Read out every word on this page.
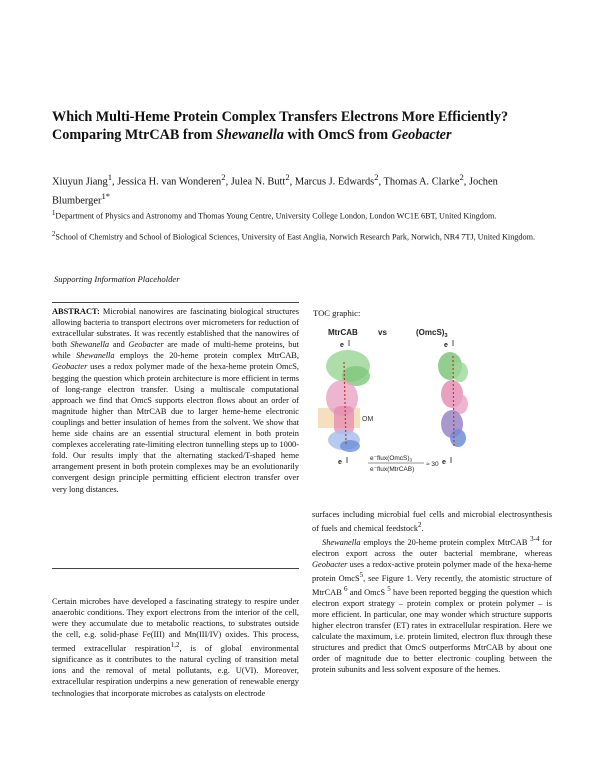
Which Multi-Heme Protein Complex Transfers Electrons More Efficiently? Comparing MtrCAB from Shewanella with OmcS from Geobacter
Xiuyun Jiang$^1$, Jessica H. van Wonderen$^2$, Julea N. Butt$^2$, Marcus J. Edwards$^2$, Thomas A. Clarke$^2$, Jochen Blumberger$^{1*}$
$^1$Department of Physics and Astronomy and Thomas Young Centre, University College London, London WC1E 6BT, United Kingdom.
$^2$School of Chemistry and School of Biological Sciences, University of East Anglia, Norwich Research Park, Norwich, NR4 7TJ, United Kingdom.
Supporting Information Placeholder

ABSTRACT: Microbial nanowires are fascinating biological structures allowing bacteria to transport electrons over micrometers for reduction of extracellular substrates. It was recently established that the nanowires of both Shewanella and Geobacter are made of multi-heme proteins, but while Shewanella employs the 20-heme protein complex MtrCAB, Geobacter uses a redox polymer made of the hexa-heme protein OmcS, begging the question which protein architecture is more efficient in terms of long-range electron transfer. Using a multiscale computational approach we find that OmcS supports electron flows about an order of magnitude higher than MtrCAB due to larger heme-heme electronic couplings and better insulation of hemes from the solvent. We show that heme side chains are an essential structural element in both protein complexes accelerating rate-limiting electron tunnelling steps up to 1000-fold. Our results imply that the alternating stacked/T-shaped heme arrangement present in both protein complexes may be an evolutionarily convergent design principle permitting efficient electron transfer over very long distances.

TOC graphic:
MtrCAB	vs	$(OmcS)_3$
e	e
OM
e	e
$e^-flux(OmcS)_3$
e⁻flux(MtrCAB)
≈ 30

surfaces including microbial fuel cells and microbial electrosynthesis of fuels and chemical feedstock$^2$.

Shewanella employs the 20-heme protein complex MtrCAB $^{3-4}$ for electron export across the outer bacterial membrane, whereas Geobacter uses a redox-active protein polymer made of the hexa-heme protein OmcS$^5$, see Figure 1. Very recently, the atomistic structure of MtrCAB $^6$ and OmcS $^5$ have been reported begging the question which electron export strategy – protein complex or protein polymer – is more efficient. In particular, one may wonder which structure supports higher electron transfer (ET) rates in extracellular respiration. Here we calculate the maximum, i.e. protein limited, electron flux through these structures and predict that OmcS outperforms MtrCAB by about one order of magnitude due to better electronic coupling between the protein subunits and less solvent exposure of the hemes.

Certain microbes have developed a fascinating strategy to respire under anaerobic conditions. They export electrons from the interior of the cell, were they accumulate due to metabolic reactions, to substrates outside the cell, e.g. solid-phase Fe(III) and Mn(III/IV) oxides. This process, termed extracellular respiration$^{1,2}$, is of global environmental significance as it contributes to the natural cycling of transition metal ions and the removal of metal pollutants, e.g. U(VI). Moreover, extracellular respiration underpins a new generation of renewable energy technologies that incorporate microbes as catalysts on electrode
